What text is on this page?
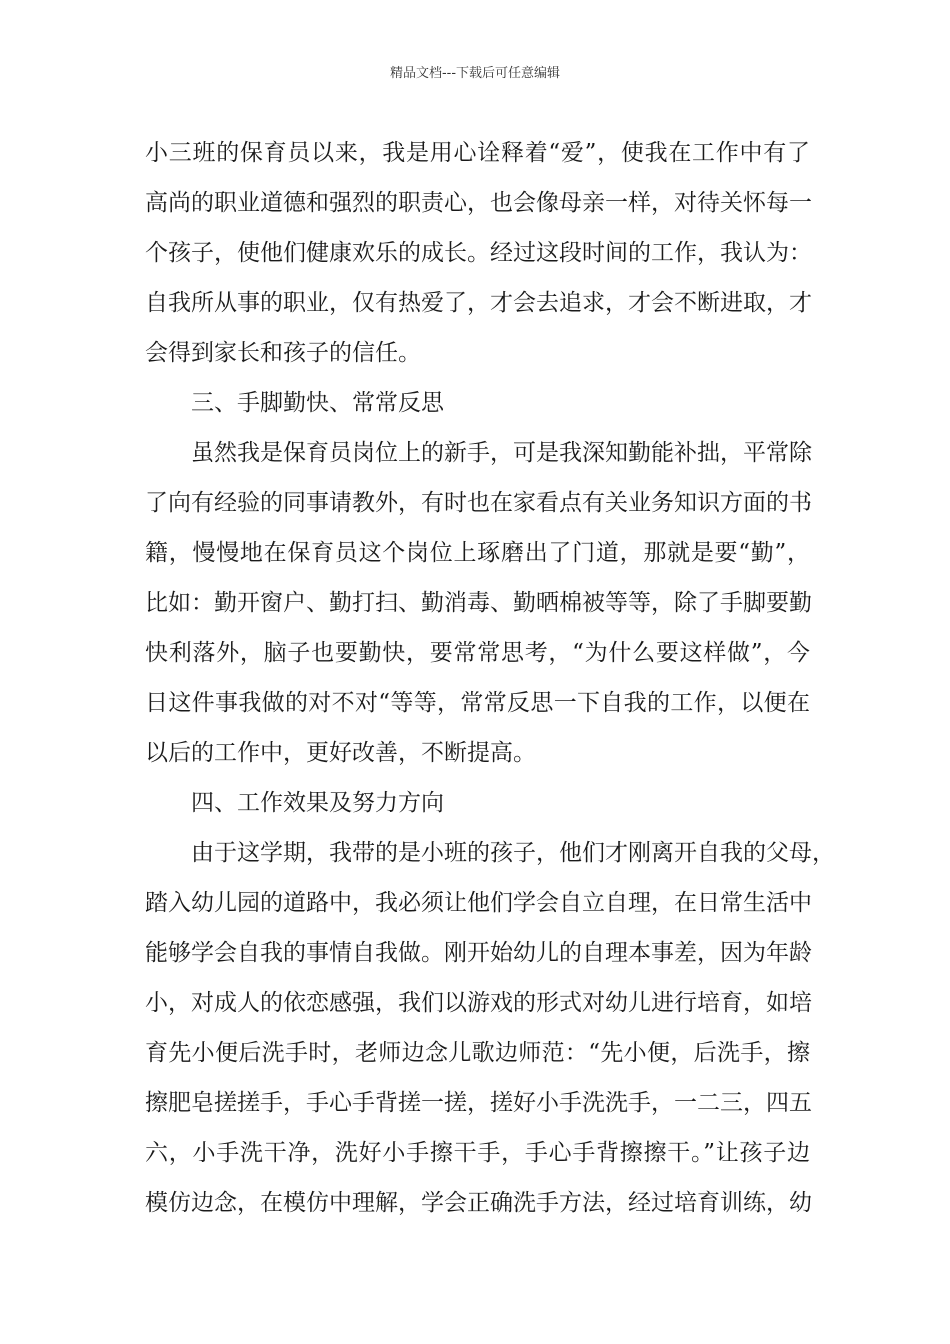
精品文档---下载后可任意编辑
小三班的保育员以来，我是用心诠释着“爱”，使我在工作中有了
高尚的职业道德和强烈的职责心，也会像母亲一样，对待关怀每一
个孩子，使他们健康欢乐的成长。经过这段时间的工作，我认为：
自我所从事的职业，仅有热爱了，才会去追求，才会不断进取，才
会得到家长和孩子的信任。
三、手脚勤快、常常反思
虽然我是保育员岗位上的新手，可是我深知勤能补拙，平常除
了向有经验的同事请教外，有时也在家看点有关业务知识方面的书
籍，慢慢地在保育员这个岗位上琢磨出了门道，那就是要“勤”，
比如：勤开窗户、勤打扫、勤消毒、勤晒棉被等等，除了手脚要勤
快利落外，脑子也要勤快，要常常思考，“为什么要这样做”，今
日这件事我做的对不对“等等，常常反思一下自我的工作，以便在
以后的工作中，更好改善，不断提高。
四、工作效果及努力方向
由于这学期，我带的是小班的孩子，他们才刚离开自我的父母，
踏入幼儿园的道路中，我必须让他们学会自立自理，在日常生活中
能够学会自我的事情自我做。刚开始幼儿的自理本事差，因为年龄
小，对成人的依恋感强，我们以游戏的形式对幼儿进行培育，如培
育先小便后洗手时，老师边念儿歌边师范：“先小便，后洗手，擦
擦肥皂搓搓手，手心手背搓一搓，搓好小手洗洗手，一二三，四五
六，小手洗干净，洗好小手擦干手，手心手背擦擦干。”让孩子边
模仿边念，在模仿中理解，学会正确洗手方法，经过培育训练，幼
